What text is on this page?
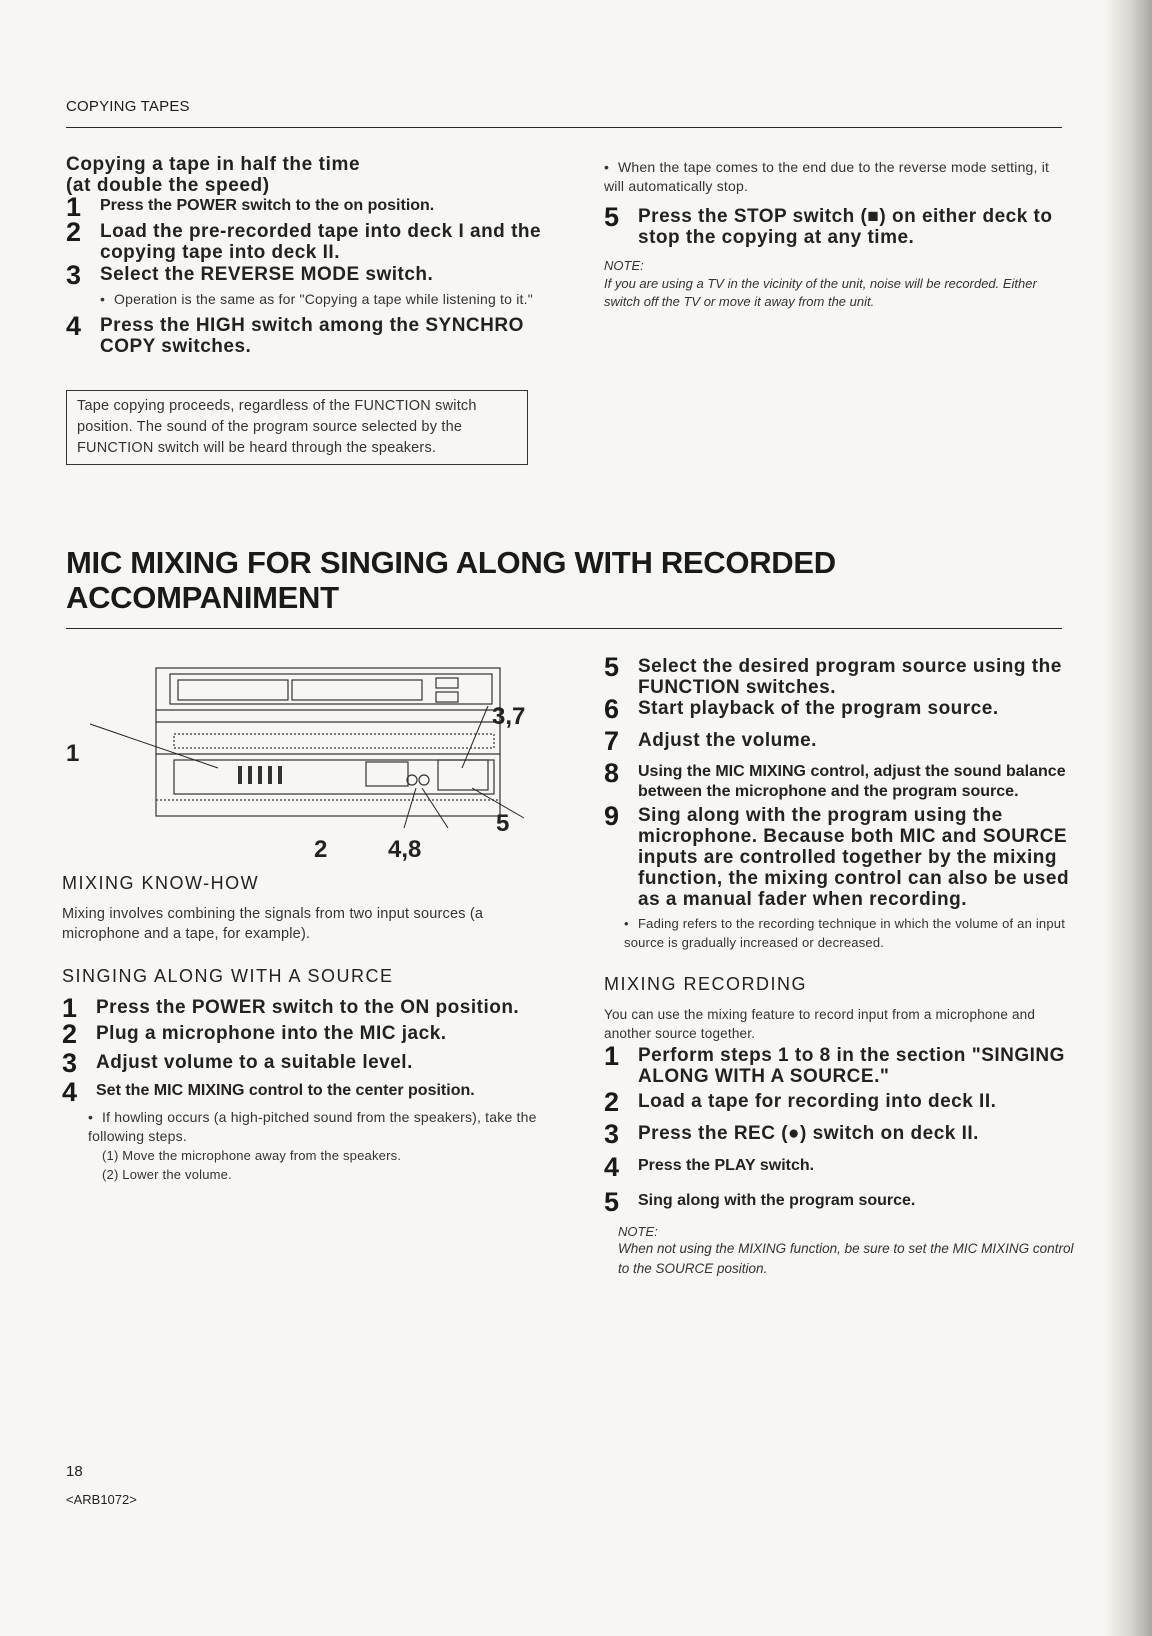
COPYING TAPES
Copying a tape in half the time
(at double the speed)
1	Press the POWER switch to the on position.
2 Load the pre-recorded tape into deck I and the copying tape into deck II.
3 Select the REVERSE MODE switch.
• Operation is the same as for "Copying a tape while listening to it."
4 Press the HIGH switch among the SYNCHRO COPY switches.
Tape copying proceeds, regardless of the FUNCTION switch position. The sound of the program source selected by the FUNCTION switch will be heard through the speakers.
• When the tape comes to the end due to the reverse mode setting, it will automatically stop.
5 Press the STOP switch (■) on either deck to stop the copying at any time.
NOTE:
If you are using a TV in the vicinity of the unit, noise will be recorded. Either switch off the TV or move it away from the unit.
MIC MIXING FOR SINGING ALONG WITH RECORDED
ACCOMPANIMENT
1
3,7
2	4,8
5
MIXING KNOW-HOW
Mixing involves combining the signals from two input sources (a microphone and a tape, for example).
SINGING ALONG WITH A SOURCE
1 Press the POWER switch to the ON position.
2 Plug a microphone into the MIC jack.
3 Adjust volume to a suitable level.
4	Set the MIC MIXING control to the center position.
• If howling occurs (a high-pitched sound from the speakers), take the following steps.
(1) Move the microphone away from the speakers.
(2) Lower the volume.
5 Select the desired program source using the FUNCTION switches.
6 Start playback of the program source.
7 Adjust the volume.
8	Using the MIC MIXING control, adjust the sound balance between the microphone and the program source.
9 Sing along with the program using the microphone. Because both MIC and SOURCE inputs are controlled together by the mixing function, the mixing control can also be used as a manual fader when recording.
• Fading refers to the recording technique in which the volume of an input source is gradually increased or decreased.
MIXING RECORDING
You can use the mixing feature to record input from a microphone and another source together.
1 Perform steps 1 to 8 in the section "SINGING ALONG WITH A SOURCE."
2 Load a tape for recording into deck II.
3 Press the REC (●) switch on deck II.
4	Press the PLAY switch.
5	Sing along with the program source.
NOTE:
When not using the MIXING function, be sure to set the MIC MIXING control to the SOURCE position.
18
<ARB1072>
